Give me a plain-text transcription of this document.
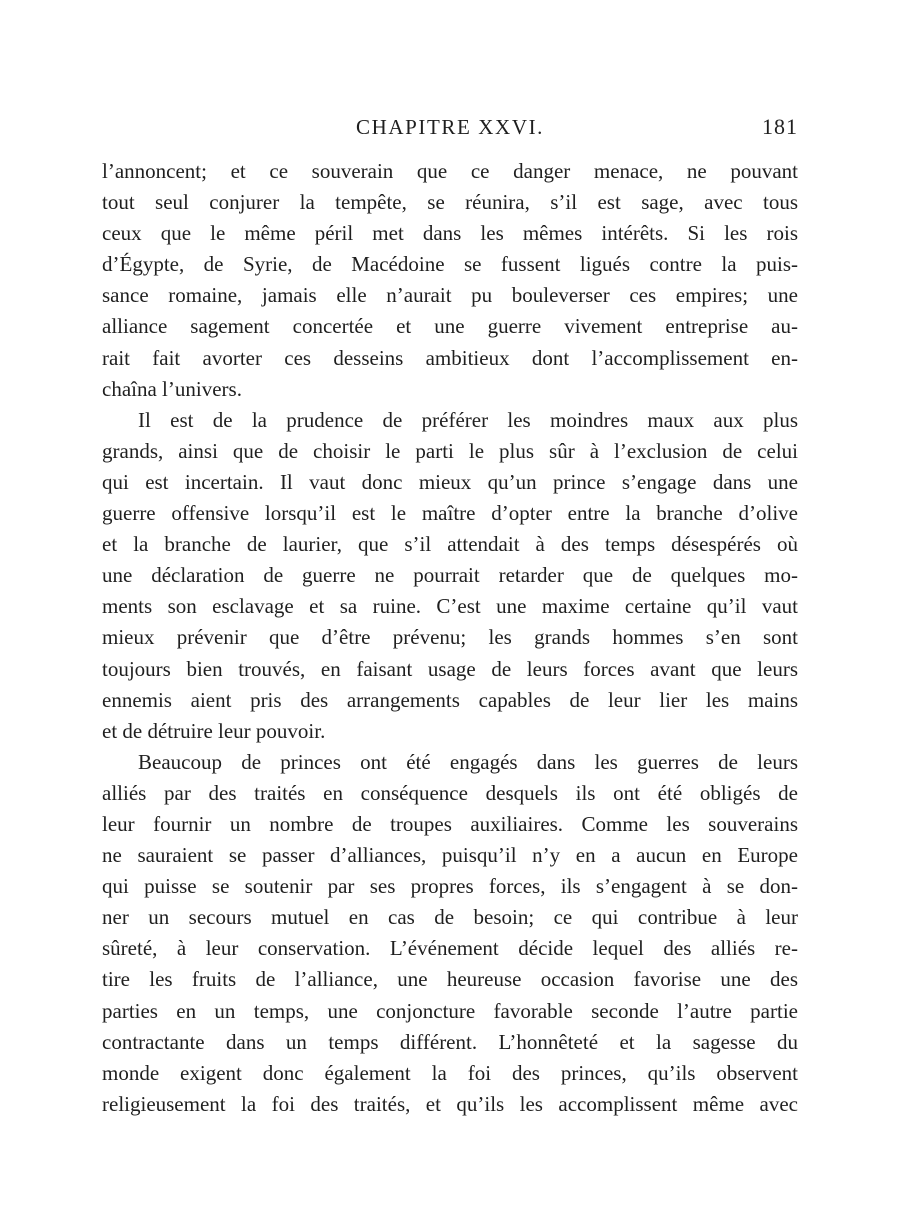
CHAPITRE XXVI.	181
l’annoncent; et ce souverain que ce danger menace, ne pouvant
tout seul conjurer la tempête, se réunira, s’il est sage, avec tous
ceux que le même péril met dans les mêmes intérêts. Si les rois
d’Égypte, de Syrie, de Macédoine se fussent ligués contre la puis-
sance romaine, jamais elle n’aurait pu bouleverser ces empires; une
alliance sagement concertée et une guerre vivement entreprise au-
rait fait avorter ces desseins ambitieux dont l’accomplissement en-
chaîna l’univers.
Il est de la prudence de préférer les moindres maux aux plus
grands, ainsi que de choisir le parti le plus sûr à l’exclusion de celui
qui est incertain. Il vaut donc mieux qu’un prince s’engage dans une
guerre offensive lorsqu’il est le maître d’opter entre la branche d’olive
et la branche de laurier, que s’il attendait à des temps désespérés où
une déclaration de guerre ne pourrait retarder que de quelques mo-
ments son esclavage et sa ruine. C’est une maxime certaine qu’il vaut
mieux prévenir que d’être prévenu; les grands hommes s’en sont
toujours bien trouvés, en faisant usage de leurs forces avant que leurs
ennemis aient pris des arrangements capables de leur lier les mains
et de détruire leur pouvoir.
Beaucoup de princes ont été engagés dans les guerres de leurs
alliés par des traités en conséquence desquels ils ont été obligés de
leur fournir un nombre de troupes auxiliaires. Comme les souverains
ne sauraient se passer d’alliances, puisqu’il n’y en a aucun en Europe
qui puisse se soutenir par ses propres forces, ils s’engagent à se don-
ner un secours mutuel en cas de besoin; ce qui contribue à leur
sûreté, à leur conservation. L’événement décide lequel des alliés re-
tire les fruits de l’alliance, une heureuse occasion favorise une des
parties en un temps, une conjoncture favorable seconde l’autre partie
contractante dans un temps différent. L’honnêteté et la sagesse du
monde exigent donc également la foi des princes, qu’ils observent
religieusement la foi des traités, et qu’ils les accomplissent même avec
